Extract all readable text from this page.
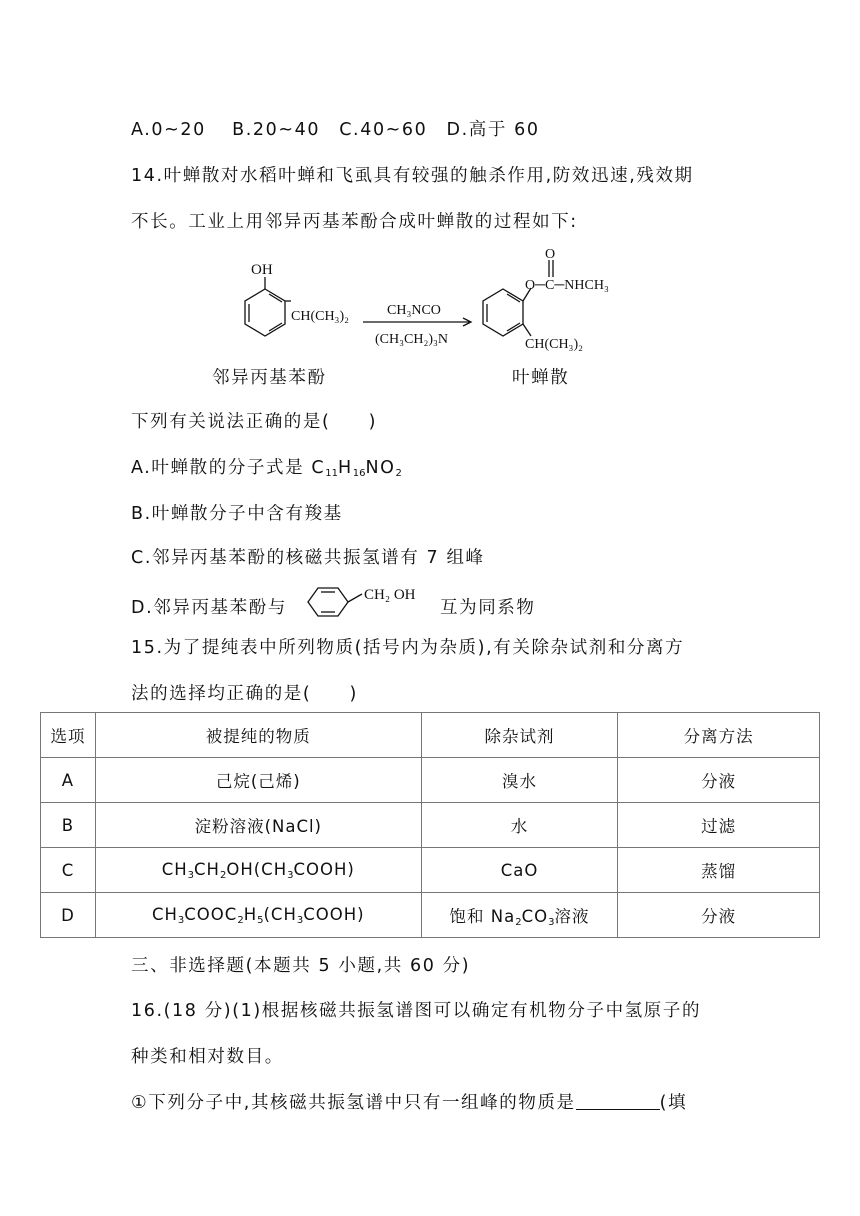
A.0~20　 B.20~40　C.40~60　D.高于 60
14.叶蝉散对水稻叶蝉和飞虱具有较强的触杀作用,防效迅速,残效期
不长。工业上用邻异丙基苯酚合成叶蝉散的过程如下:
OH
CH(CH₃)₂	CH₃NCO
(CH₃CH₂)₃N
O
O─C─NHCH₃
CH(CH₃)₂
邻异丙基苯酚	叶蝉散
下列有关说法正确的是(　　)
A.叶蝉散的分子式是 $C_{11}H_{16}NO_2$
B.叶蝉散分子中含有羧基
C.邻异丙基苯酚的核磁共振氢谱有 7 组峰
D.邻异丙基苯酚与
CH₂ OH
互为同系物
15.为了提纯表中所列物质(括号内为杂质),有关除杂试剂和分离方
法的选择均正确的是(　　)
选项	被提纯的物质	除杂试剂	分离方法
A	己烷(己烯)	溴水	分液
B	淀粉溶液(NaCl)	水	过滤
C	$CH_3CH_2OH(CH_3COOH)$	CaO	蒸馏
D	$CH_3COOC_2H_5(CH_3COOH)$	饱和 $Na_2CO_3$溶液	分液
三、非选择题(本题共 5 小题,共 60 分)
16.(18 分)(1)根据核磁共振氢谱图可以确定有机物分子中氢原子的
种类和相对数目。
①下列分子中,其核磁共振氢谱中只有一组峰的物质是	(填
